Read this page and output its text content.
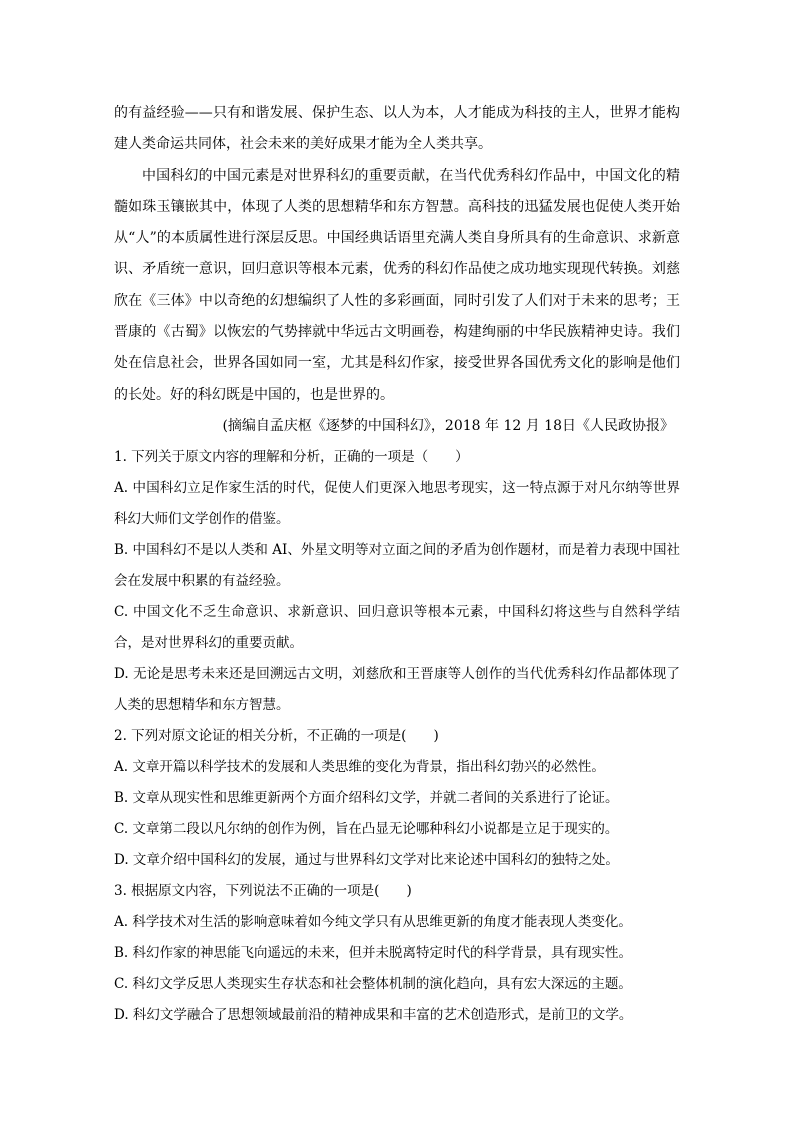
的有益经验——只有和谐发展、保护生态、以人为本，人才能成为科技的主人，世界才能构建人类命运共同体，社会未来的美好成果才能为全人类共享。

中国科幻的中国元素是对世界科幻的重要贡献，在当代优秀科幻作品中，中国文化的精髓如珠玉镶嵌其中，体现了人类的思想精华和东方智慧。高科技的迅猛发展也促使人类开始从“人”的本质属性进行深层反思。中国经典话语里充满人类自身所具有的生命意识、求新意识、矛盾统一意识，回归意识等根本元素，优秀的科幻作品使之成功地实现现代转换。刘慈欣在《三体》中以奇绝的幻想编织了人性的多彩画面，同时引发了人们对于未来的思考；王晋康的《古蜀》以恢宏的气势摔就中华远古文明画卷，构建绚丽的中华民族精神史诗。我们处在信息社会，世界各国如同一室，尤其是科幻作家，接受世界各国优秀文化的影响是他们的长处。好的科幻既是中国的，也是世界的。

(摘编自孟庆枢《逐梦的中国科幻》，2018 年 12 月 18日《人民政协报》

1. 下列关于原文内容的理解和分析，正确的一项是（　　）

A. 中国科幻立足作家生活的时代，促使人们更深入地思考现实，这一特点源于对凡尔纳等世界科幻大师们文学创作的借鉴。

B. 中国科幻不是以人类和 AI、外星文明等对立面之间的矛盾为创作题材，而是着力表现中国社会在发展中积累的有益经验。

C. 中国文化不乏生命意识、求新意识、回归意识等根本元素，中国科幻将这些与自然科学结合，是对世界科幻的重要贡献。

D. 无论是思考未来还是回溯远古文明，刘慈欣和王晋康等人创作的当代优秀科幻作品都体现了人类的思想精华和东方智慧。

2. 下列对原文论证的相关分析，不正确的一项是(　　)

A. 文章开篇以科学技术的发展和人类思维的变化为背景，指出科幻勃兴的必然性。

B. 文章从现实性和思维更新两个方面介绍科幻文学，并就二者间的关系进行了论证。

C. 文章第二段以凡尔纳的创作为例，旨在凸显无论哪种科幻小说都是立足于现实的。

D. 文章介绍中国科幻的发展，通过与世界科幻文学对比来论述中国科幻的独特之处。

3. 根据原文内容，下列说法不正确的一项是(　　)

A. 科学技术对生活的影响意味着如今纯文学只有从思维更新的角度才能表现人类变化。

B. 科幻作家的神思能飞向遥远的未来，但并未脱离特定时代的科学背景，具有现实性。

C. 科幻文学反思人类现实生存状态和社会整体机制的演化趋向，具有宏大深远的主题。

D. 科幻文学融合了思想领域最前沿的精神成果和丰富的艺术创造形式，是前卫的文学。
